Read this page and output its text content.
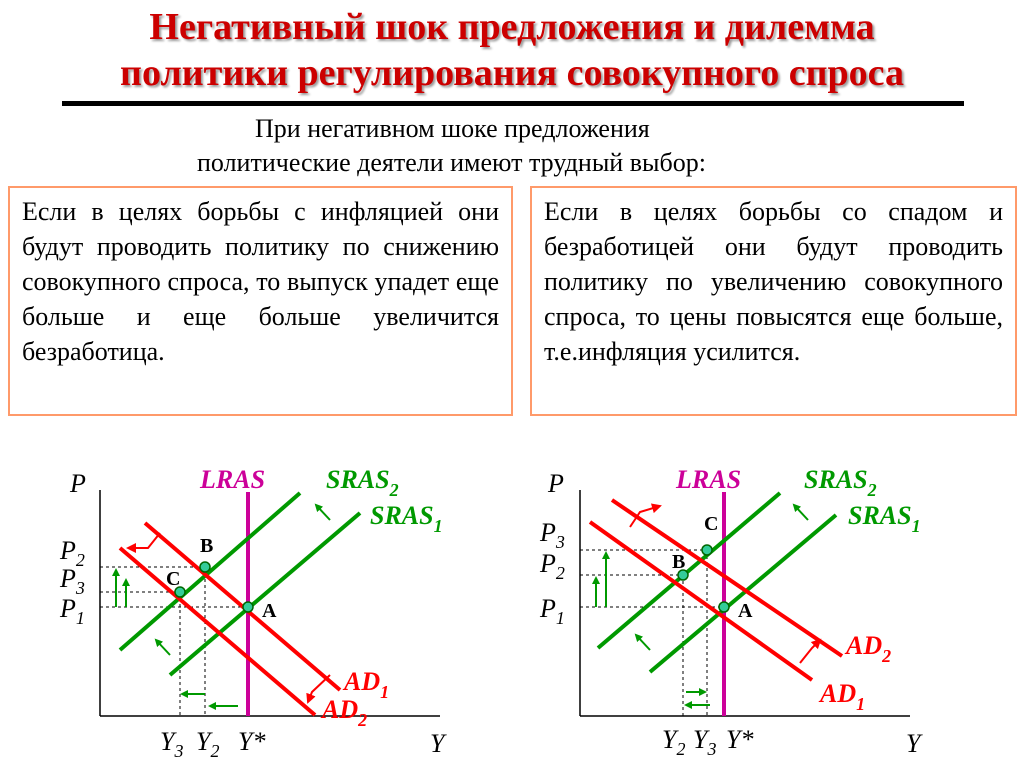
Негативный шок предложения и дилемма
политики регулирования совокупного спроса
При негативном шоке предложения
политические деятели имеют трудный выбор:
Если в целях борьбы с инфляцией они будут проводить политику по снижению совокупного спроса, то выпуск упадет еще больше и еще больше увеличится безработица.
Если в целях борьбы со спадом и безработицей они будут проводить политику по увеличению совокупного спроса, то цены повысятся еще больше, т.е.инфляция усилится.
P
Y
LRAS $SRAS_2$
$SRAS_1$
$AD_1$
$AD_2$
B
C
A
$P_2$
$P_3$
$P_1$
$Y_3$ $Y_2$ Y*
P
Y
LRAS $SRAS_2$
$SRAS_1$
$AD_2$
$AD_1$
C
B
A
$P_3$
$P_2$
$P_1$
$Y_2$ $Y_3$ Y*
